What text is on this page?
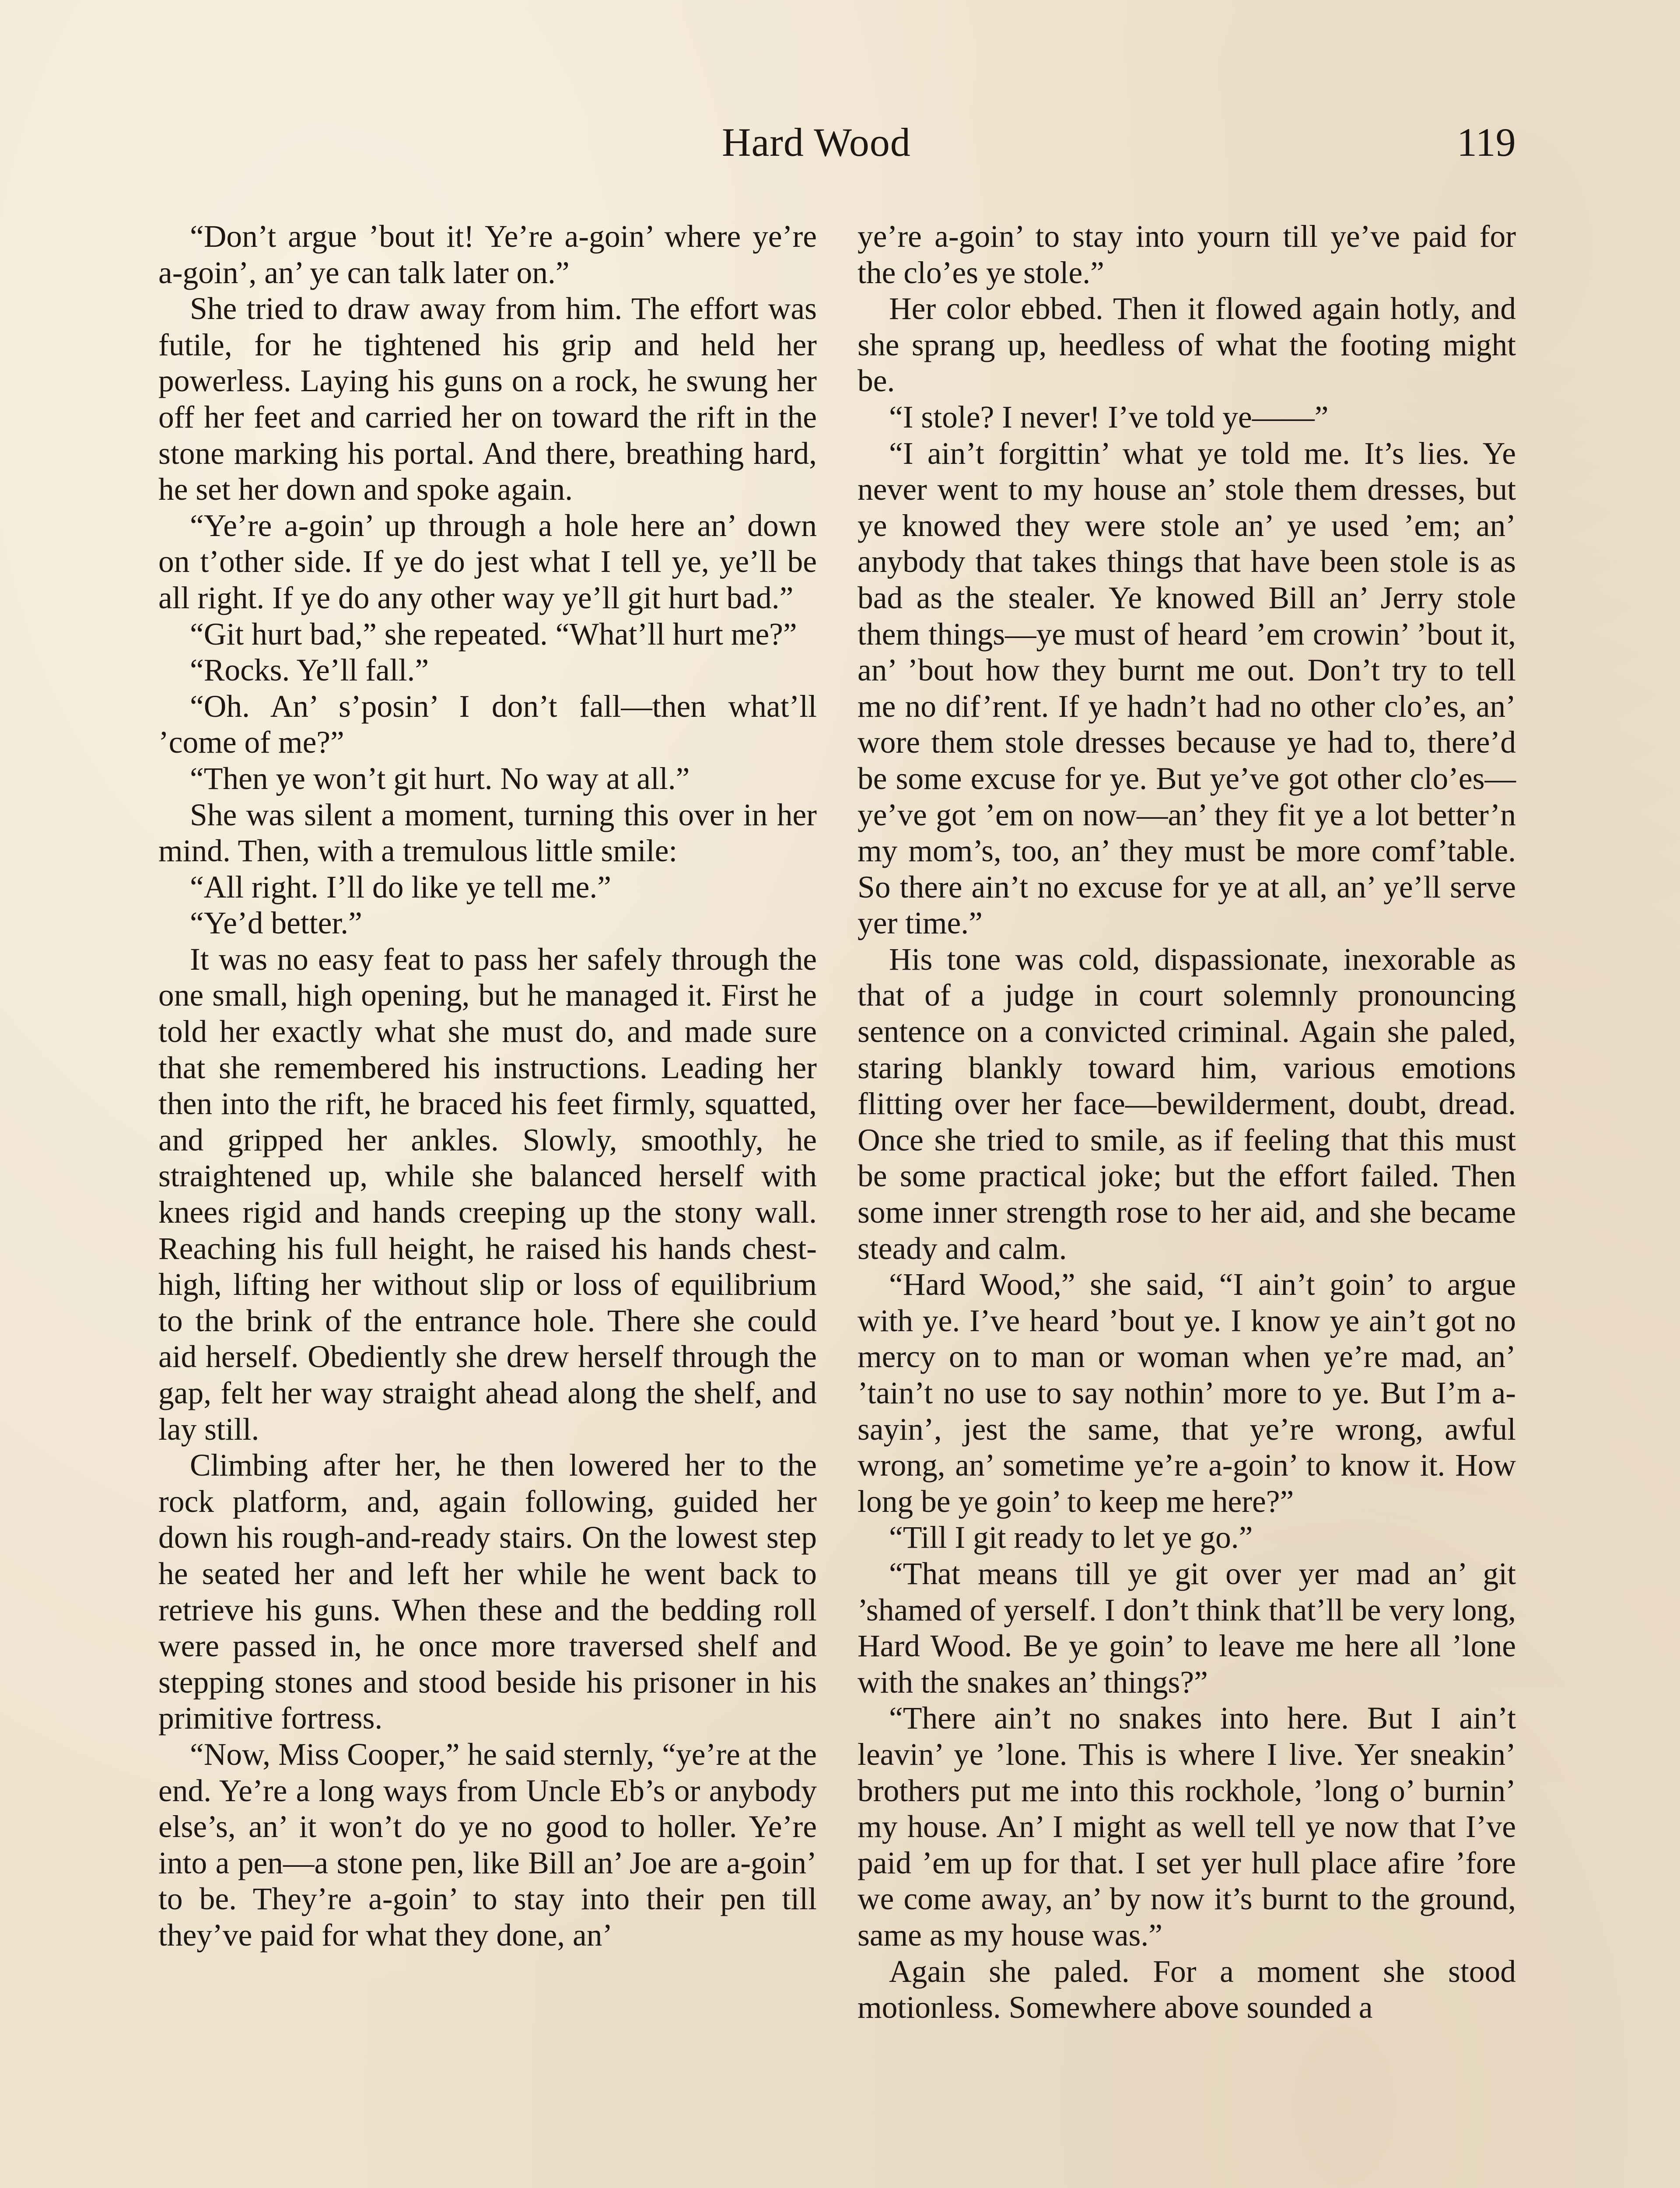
Hard Wood	119

“Don’t argue ’bout it! Ye’re a-goin’ where ye’re a-goin’, an’ ye can talk later on.”

She tried to draw away from him. The effort was futile, for he tightened his grip and held her powerless. Laying his guns on a rock, he swung her off her feet and carried her on toward the rift in the stone marking his portal. And there, breathing hard, he set her down and spoke again.

“Ye’re a-goin’ up through a hole here an’ down on t’other side. If ye do jest what I tell ye, ye’ll be all right. If ye do any other way ye’ll git hurt bad.”

“Git hurt bad,” she repeated. “What’ll hurt me?”

“Rocks. Ye’ll fall.”

“Oh. An’ s’posin’ I don’t fall—then what’ll ’come of me?”

“Then ye won’t git hurt. No way at all.”

She was silent a moment, turning this over in her mind. Then, with a tremulous little smile:

“All right. I’ll do like ye tell me.”

“Ye’d better.”

It was no easy feat to pass her safely through the one small, high opening, but he managed it. First he told her exactly what she must do, and made sure that she remembered his instructions. Leading her then into the rift, he braced his feet firmly, squatted, and gripped her ankles. Slowly, smoothly, he straightened up, while she balanced herself with knees rigid and hands creeping up the stony wall. Reaching his full height, he raised his hands chest-high, lifting her without slip or loss of equilibrium to the brink of the entrance hole. There she could aid herself. Obediently she drew herself through the gap, felt her way straight ahead along the shelf, and lay still.

Climbing after her, he then lowered her to the rock platform, and, again following, guided her down his rough-and-ready stairs. On the lowest step he seated her and left her while he went back to retrieve his guns. When these and the bedding roll were passed in, he once more traversed shelf and stepping stones and stood beside his prisoner in his primitive fortress.

“Now, Miss Cooper,” he said sternly, “ye’re at the end. Ye’re a long ways from Uncle Eb’s or anybody else’s, an’ it won’t do ye no good to holler. Ye’re into a pen—a stone pen, like Bill an’ Joe are a-goin’ to be. They’re a-goin’ to stay into their pen till they’ve paid for what they done, an’

ye’re a-goin’ to stay into yourn till ye’ve paid for the clo’es ye stole.”

Her color ebbed. Then it flowed again hotly, and she sprang up, heedless of what the footing might be.

“I stole? I never! I’ve told ye——”

“I ain’t forgittin’ what ye told me. It’s lies. Ye never went to my house an’ stole them dresses, but ye knowed they were stole an’ ye used ’em; an’ anybody that takes things that have been stole is as bad as the stealer. Ye knowed Bill an’ Jerry stole them things—ye must of heard ’em crowin’ ’bout it, an’ ’bout how they burnt me out. Don’t try to tell me no dif’rent. If ye hadn’t had no other clo’es, an’ wore them stole dresses because ye had to, there’d be some excuse for ye. But ye’ve got other clo’es—ye’ve got ’em on now—an’ they fit ye a lot better’n my mom’s, too, an’ they must be more comf’table. So there ain’t no excuse for ye at all, an’ ye’ll serve yer time.”

His tone was cold, dispassionate, inexorable as that of a judge in court solemnly pronouncing sentence on a convicted criminal. Again she paled, staring blankly toward him, various emotions flitting over her face—bewilderment, doubt, dread. Once she tried to smile, as if feeling that this must be some practical joke; but the effort failed. Then some inner strength rose to her aid, and she became steady and calm.

“Hard Wood,” she said, “I ain’t goin’ to argue with ye. I’ve heard ’bout ye. I know ye ain’t got no mercy on to man or woman when ye’re mad, an’ ’tain’t no use to say nothin’ more to ye. But I’m a-sayin’, jest the same, that ye’re wrong, awful wrong, an’ sometime ye’re a-goin’ to know it. How long be ye goin’ to keep me here?”

“Till I git ready to let ye go.”

“That means till ye git over yer mad an’ git ’shamed of yerself. I don’t think that’ll be very long, Hard Wood. Be ye goin’ to leave me here all ’lone with the snakes an’ things?”

“There ain’t no snakes into here. But I ain’t leavin’ ye ’lone. This is where I live. Yer sneakin’ brothers put me into this rockhole, ’long o’ burnin’ my house. An’ I might as well tell ye now that I’ve paid ’em up for that. I set yer hull place afire ’fore we come away, an’ by now it’s burnt to the ground, same as my house was.”

Again she paled. For a moment she stood motionless. Somewhere above sounded a
